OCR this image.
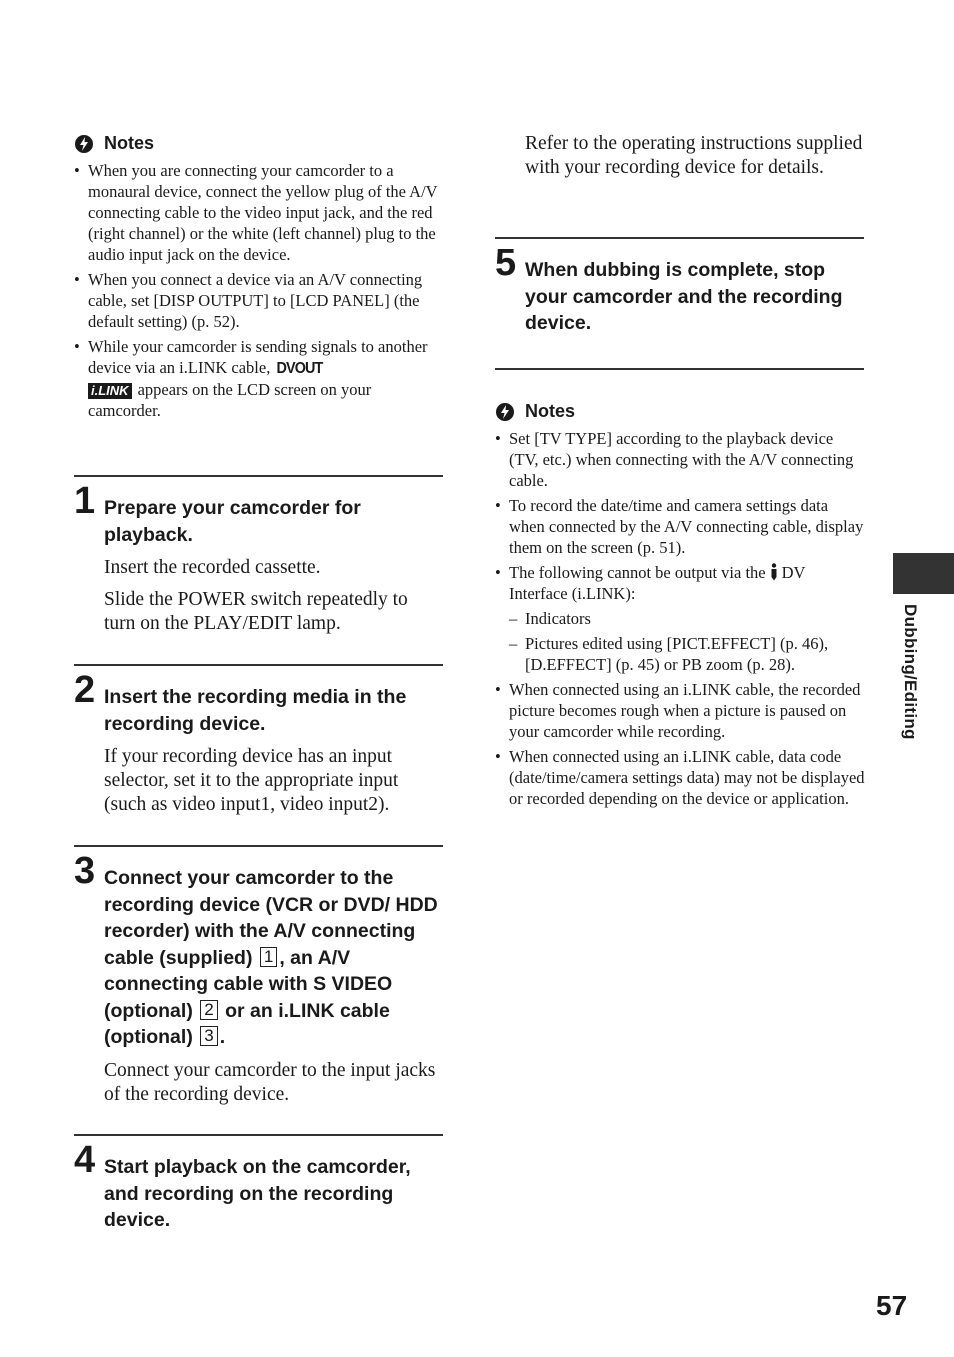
Notes
• When you are connecting your camcorder to a monaural device, connect the yellow plug of the A/V connecting cable to the video input jack, and the red (right channel) or the white (left channel) plug to the audio input jack on the device.
• When you connect a device via an A/V connecting cable, set [DISP OUTPUT] to [LCD PANEL] (the default setting) (p. 52).
• While your camcorder is sending signals to another device via an i.LINK cable, DVOUT
i.LINK appears on the LCD screen on your camcorder.
1 Prepare your camcorder for playback.

Insert the recorded cassette.

Slide the POWER switch repeatedly to turn on the PLAY/EDIT lamp.

2 Insert the recording media in the recording device.

If your recording device has an input selector, set it to the appropriate input (such as video input1, video input2).

3 Connect your camcorder to the recording device (VCR or DVD/ HDD recorder) with the A/V connecting cable (supplied) 1 , an A/V connecting cable with S VIDEO (optional) 2 or an i.LINK cable (optional) 3 .

Connect your camcorder to the input jacks of the recording device.

4 Start playback on the camcorder, and recording on the recording device.
Refer to the operating instructions supplied with your recording device for details.
5 When dubbing is complete, stop your camcorder and the recording device.
Notes
• Set [TV TYPE] according to the playback device (TV, etc.) when connecting with the A/V connecting cable.
• To record the date/time and camera settings data when connected by the A/V connecting cable, display them on the screen (p. 51).
• The following cannot be output via the DV Interface (i.LINK):
– Indicators
– Pictures edited using [PICT.EFFECT] (p. 46), [D.EFFECT] (p. 45) or PB zoom (p. 28).
• When connected using an i.LINK cable, the recorded picture becomes rough when a picture is paused on your camcorder while recording.
• When connected using an i.LINK cable, data code (date/time/camera settings data) may not be displayed or recorded depending on the device or application.
Dubbing/Editing
57
